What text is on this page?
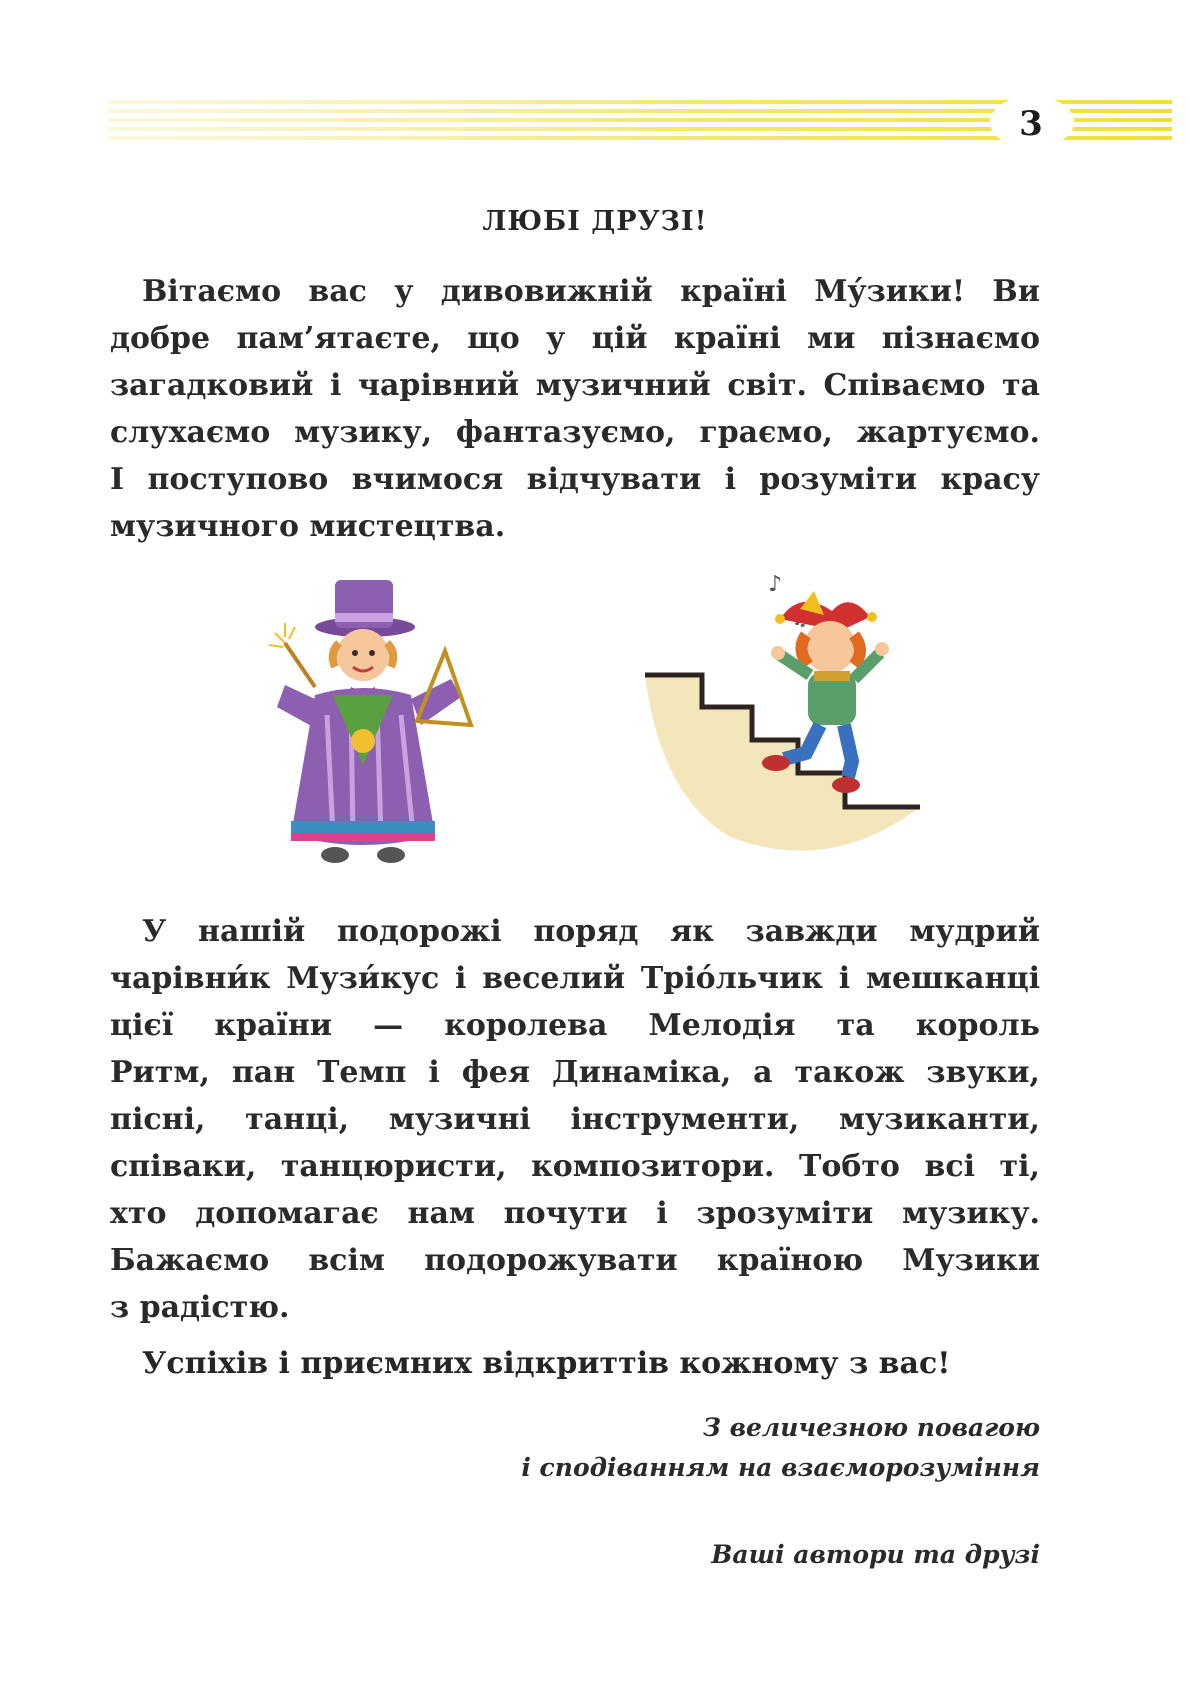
3
ЛЮБІ ДРУЗІ!
Вітаємо вас у дивовижній країні Му́зики! Ви
добре пам’ятаєте, що у цій країні ми пізнаємо
загадковий і чарівний музичний світ. Співаємо та
слухаємо музику, фантазуємо, граємо, жартуємо.
І поступово вчимося відчувати і розуміти красу
музичного мистецтва.
♪
У нашій подорожі поряд як завжди мудрий
чарівни́к Музи́кус і веселий Тріо́льчик і мешканці
цієї країни — королева Мелодія та король
Ритм, пан Темп і фея Динаміка, а також звуки,
пісні, танці, музичні інструменти, музиканти,
співаки, танцюристи, композитори. Тобто всі ті,
хто допомагає нам почути і зрозуміти музику.
Бажаємо всім подорожувати країною Музики
з радістю.
Успіхів і приємних відкриттів кожному з вас!
З величезною повагою
і сподіванням на взаєморозуміння
Ваші автори та друзі
